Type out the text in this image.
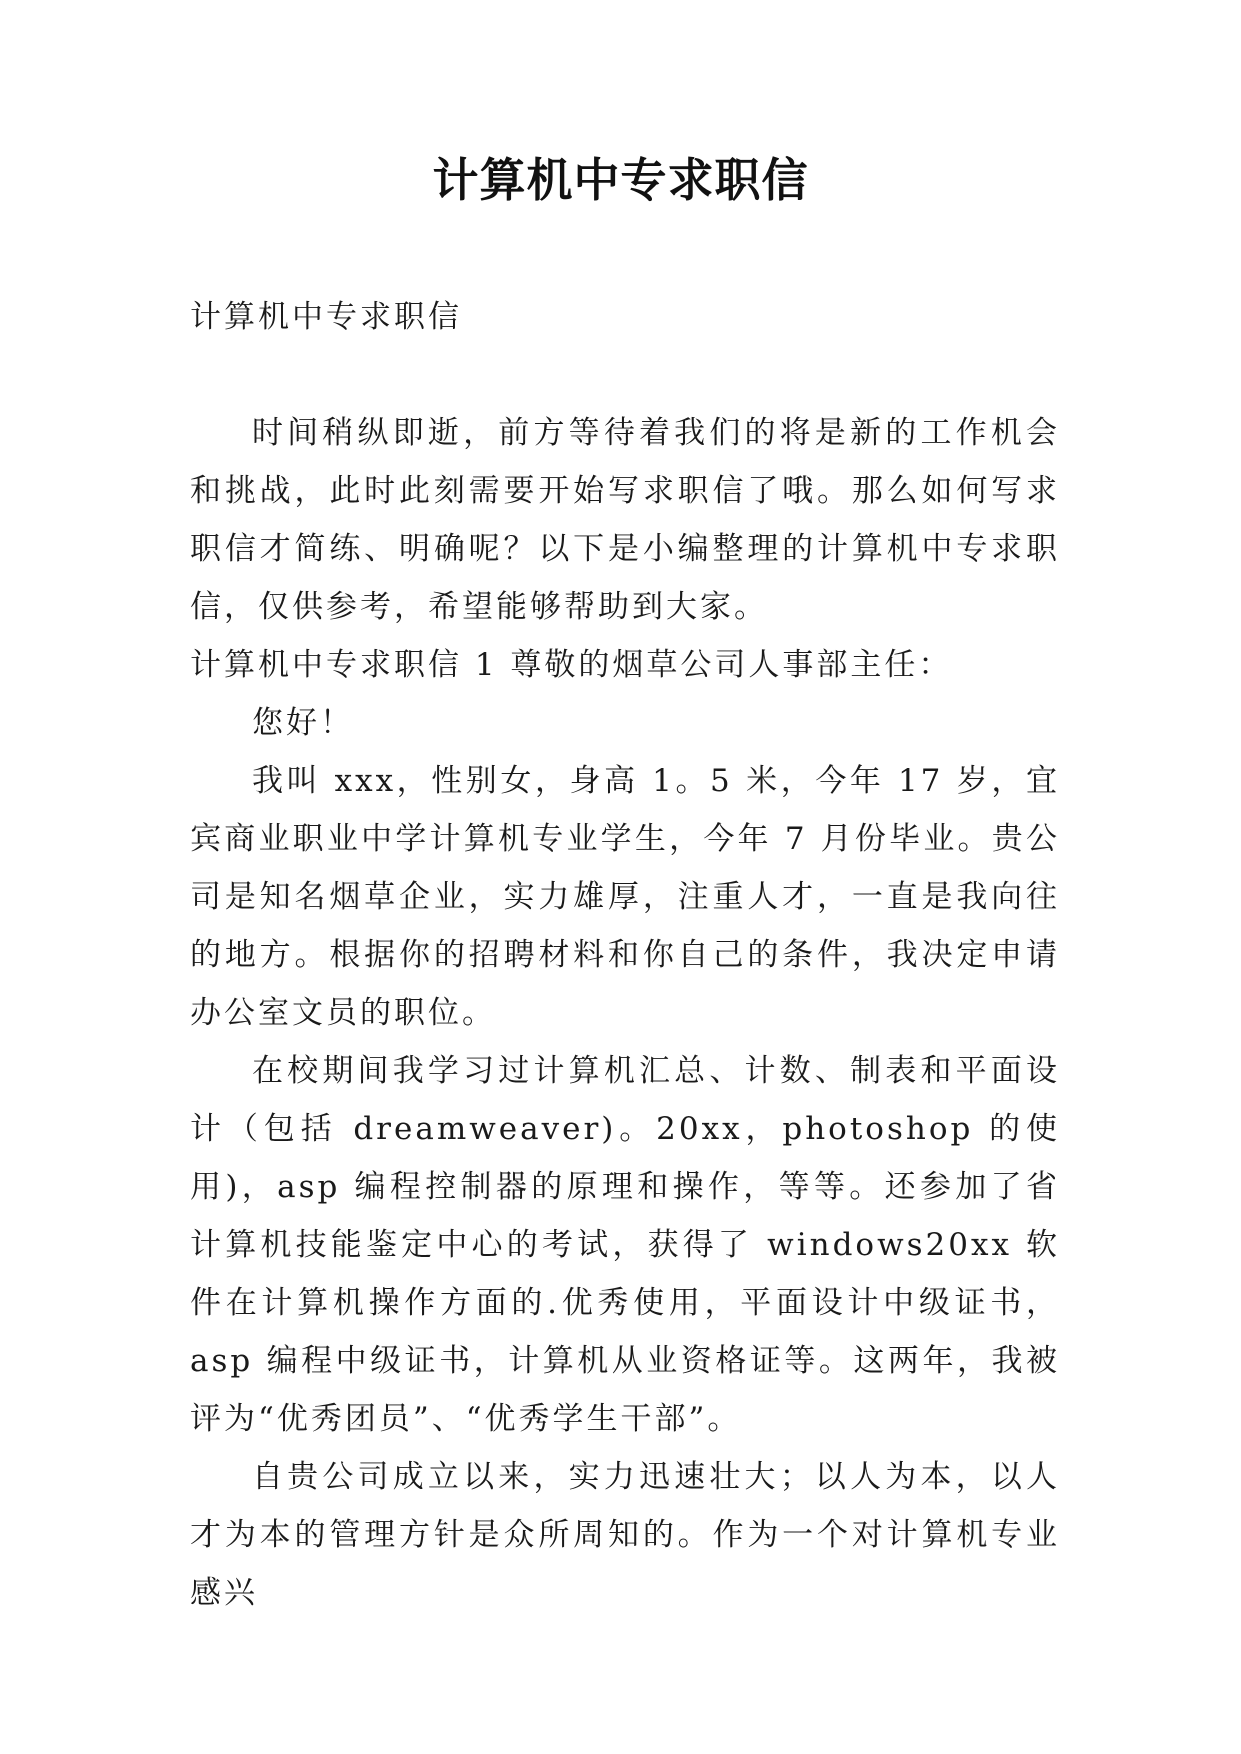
计算机中专求职信

计算机中专求职信

时间稍纵即逝，前方等待着我们的将是新的工作机会和挑战，此时此刻需要开始写求职信了哦。那么如何写求职信才简练、明确呢？以下是小编整理的计算机中专求职信，仅供参考，希望能够帮助到大家。

计算机中专求职信 1 尊敬的烟草公司人事部主任：

您好！

我叫 xxx，性别女，身高 1。5 米，今年 17 岁，宜宾商业职业中学计算机专业学生，今年 7 月份毕业。贵公司是知名烟草企业，实力雄厚，注重人才，一直是我向往的地方。根据你的招聘材料和你自己的条件，我决定申请办公室文员的职位。

在校期间我学习过计算机汇总、计数、制表和平面设计（包括 dreamweaver)。20xx，photoshop 的使用)，asp 编程控制器的原理和操作，等等。还参加了省计算机技能鉴定中心的考试，获得了 windows20xx 软件在计算机操作方面的.优秀使用，平面设计中级证书，asp 编程中级证书，计算机从业资格证等。这两年，我被评为“优秀团员”、“优秀学生干部”。

自贵公司成立以来，实力迅速壮大；以人为本，以人才为本的管理方针是众所周知的。作为一个对计算机专业感兴
